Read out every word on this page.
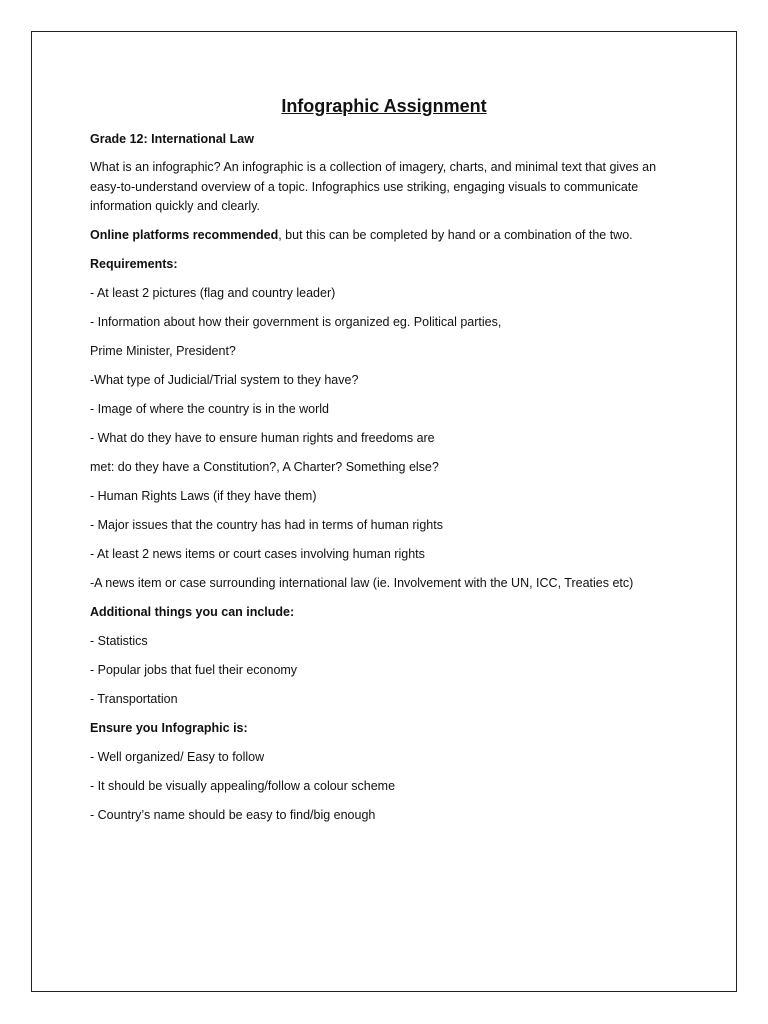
Infographic Assignment
Grade 12: International Law
What is an infographic? An infographic is a collection of imagery, charts, and minimal text that gives an easy-to-understand overview of a topic. Infographics use striking, engaging visuals to communicate information quickly and clearly.
Online platforms recommended, but this can be completed by hand or a combination of the two.
Requirements:
- At least 2 pictures (flag and country leader)
- Information about how their government is organized eg. Political parties,
Prime Minister, President?
-What type of Judicial/Trial system to they have?
- Image of where the country is in the world
- What do they have to ensure human rights and freedoms are
met: do they have a Constitution?, A Charter? Something else?
- Human Rights Laws (if they have them)
- Major issues that the country has had in terms of human rights
- At least 2 news items or court cases involving human rights
-A news item or case surrounding international law (ie. Involvement with the UN, ICC, Treaties etc)
Additional things you can include:
- Statistics
- Popular jobs that fuel their economy
- Transportation
Ensure you Infographic is:
- Well organized/ Easy to follow
- It should be visually appealing/follow a colour scheme
- Country’s name should be easy to find/big enough
